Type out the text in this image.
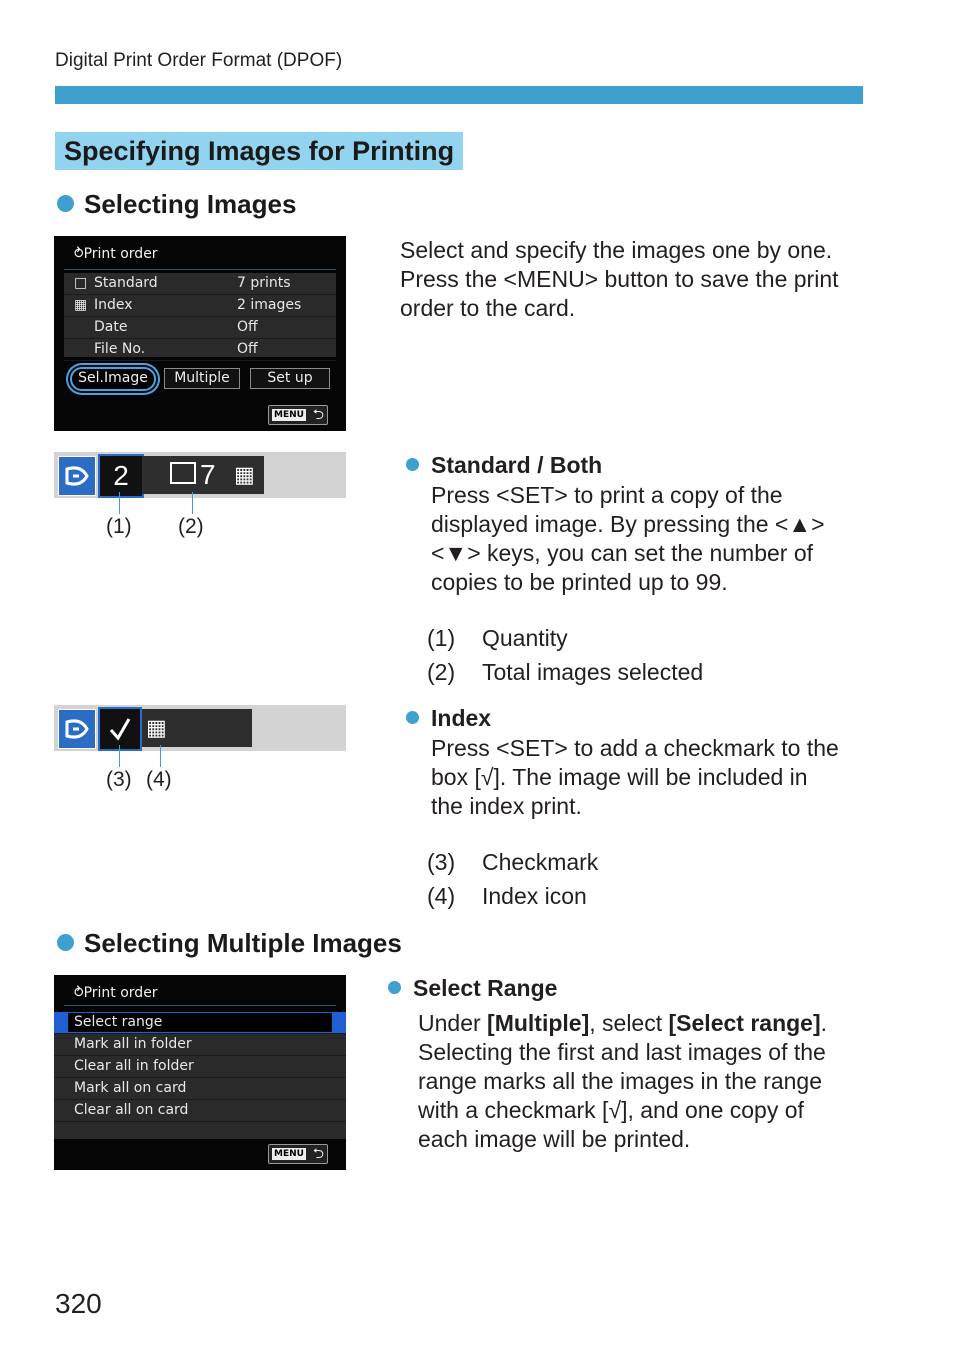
Digital Print Order Format (DPOF)
Specifying Images for Printing
Selecting Images
⥁Print order
□ Standard	7 prints
▦ Index	2 images
Date	Off
File No.	Off
Sel.Image	Multiple	Set up
MENU ⮌
Select and specify the images one by one.
Press the <MENU> button to save the print
order to the card.
2	7 ▦
(1) (2)
Standard / Both
Press <SET> to print a copy of the
displayed image. By pressing the <▲>
<▼> keys, you can set the number of
copies to be printed up to 99.
(1) Quantity
(2) Total images selected
▦
(3) (4)
Index
Press <SET> to add a checkmark to the
box [√]. The image will be included in
the index print.
(3) Checkmark
(4) Index icon
Selecting Multiple Images
⥁Print order
Select range
Mark all in folder
Clear all in folder
Mark all on card
Clear all on card
MENU ⮌
Select Range
Under [Multiple], select [Select range].
Selecting the first and last images of the
range marks all the images in the range
with a checkmark [√], and one copy of
each image will be printed.
320
